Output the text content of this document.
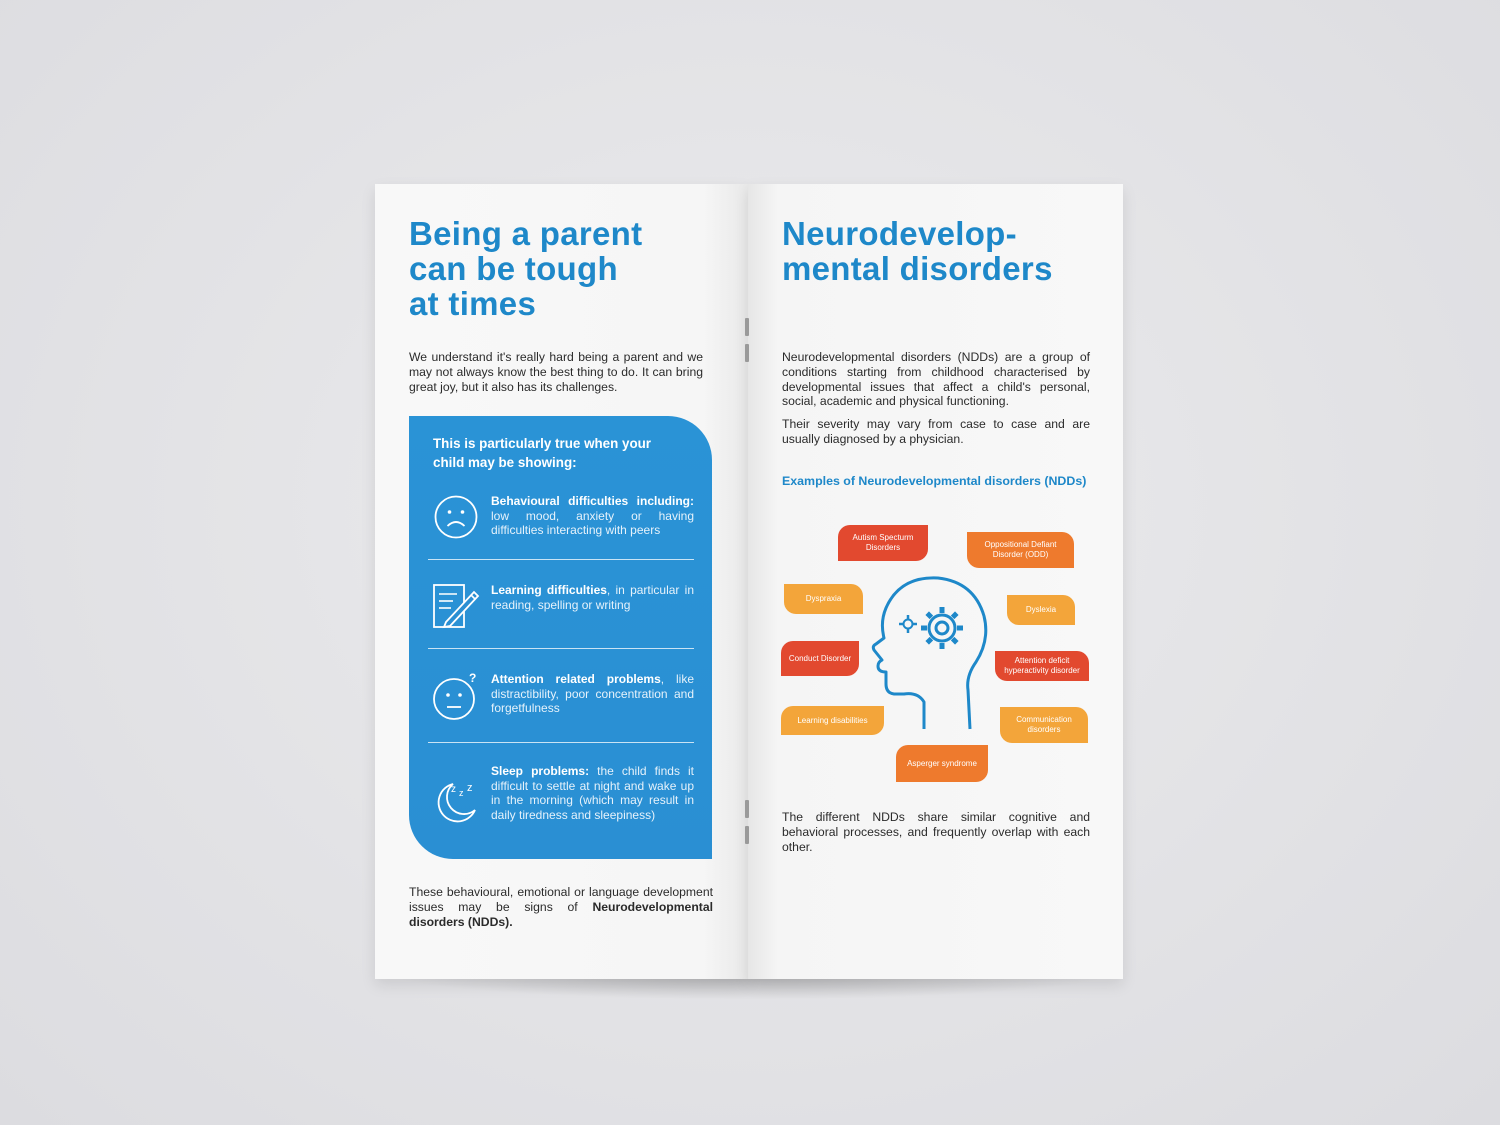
Being a parent
can be tough
at times

We understand it's really hard being a parent and we may not always know the best thing to do. It can bring great joy, but it also has its challenges.

This is particularly true when your child may be showing:
Behavioural difficulties including: low mood, anxiety or having difficulties interacting with peers
Learning difficulties, in particular in reading, spelling or writing
? Attention related problems, like distractibility, poor concentration and forgetfulness
z z z
Sleep problems: the child finds it difficult to settle at night and wake up in the morning (which may result in daily tiredness and sleepiness)

These behavioural, emotional or language development issues may be signs of Neurodevelopmental disorders (NDDs).

Neurodevelop-
mental disorders

Neurodevelopmental disorders (NDDs) are a group of conditions starting from childhood characterised by developmental issues that affect a child's personal, social, academic and physical functioning.

Their severity may vary from case to case and are usually diagnosed by a physician.

Examples of Neurodevelopmental disorders (NDDs)
Autism Specturm Disorders	Oppositional Defiant Disorder (ODD)
Dyspraxia
Dyslexia
Conduct Disorder	Attention deficit hyperactivity disorder
Learning disabilities	Communication disorders
Asperger syndrome

The different NDDs share similar cognitive and behavioral processes, and frequently overlap with each other.
